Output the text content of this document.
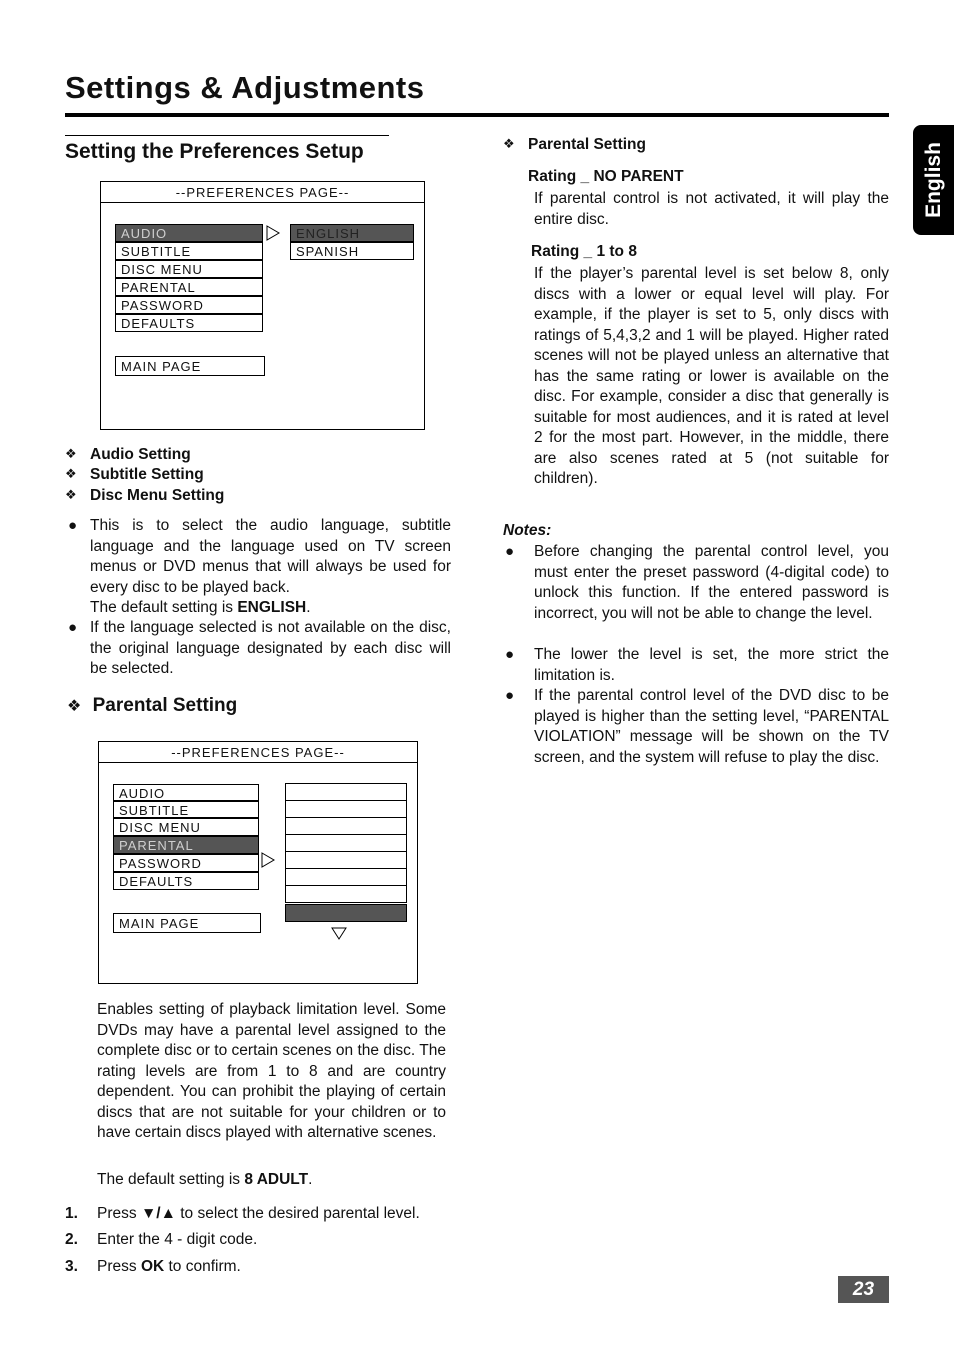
Settings & Adjustments
English
Setting the Preferences Setup
--PREFERENCES PAGE--
AUDIO
SUBTITLE
DISC MENU
PARENTAL
PASSWORD
DEFAULTS
ENGLISH
SPANISH
MAIN PAGE
❖ Audio Setting
❖ Subtitle Setting
❖ Disc Menu Setting
● This is to select the audio language, subtitle language and the language used on TV screen menus or DVD menus that will always be used for every disc to be played back.
The default setting is ENGLISH.
● If the language selected is not available on the disc, the original language designated by each disc will be selected.
❖ Parental Setting
--PREFERENCES PAGE--
AUDIO
SUBTITLE
DISC MENU
PARENTAL
PASSWORD
DEFAULTS
MAIN PAGE
Enables setting of playback limitation level. Some DVDs may have a parental level assigned to the complete disc or to certain scenes on the disc. The rating levels are from 1 to 8 and are country dependent. You can prohibit the playing of certain discs that are not suitable for your children or to have certain discs played with alternative scenes.
The default setting is 8 ADULT.
1. Press ▼/▲ to select the desired parental level.
2. Enter the 4 - digit code.
3. Press OK to confirm.
❖ Parental Setting
Rating _ NO PARENT
If parental control is not activated, it will play the entire disc.
Rating _ 1 to 8
If the player’s parental level is set below 8, only discs with a lower or equal level will play. For example, if the player is set to 5, only discs with ratings of 5,4,3,2 and 1 will be played. Higher rated scenes will not be played unless an alternative that has the same rating or lower is available on the disc. For example, consider a disc that generally is suitable for most audiences, and it is rated at level 2 for the most part. However, in the middle, there are also scenes rated at 5 (not suitable for children).
Notes:
● Before changing the parental control level, you must enter the preset password (4-digital code) to unlock this function. If the entered password is incorrect, you will not be able to change the level.
● The lower the level is set, the more strict the limitation is.
● If the parental control level of the DVD disc to be played is higher than the setting level, “PARENTAL VIOLATION” message will be shown on the TV screen, and the system will refuse to play the disc.
23
